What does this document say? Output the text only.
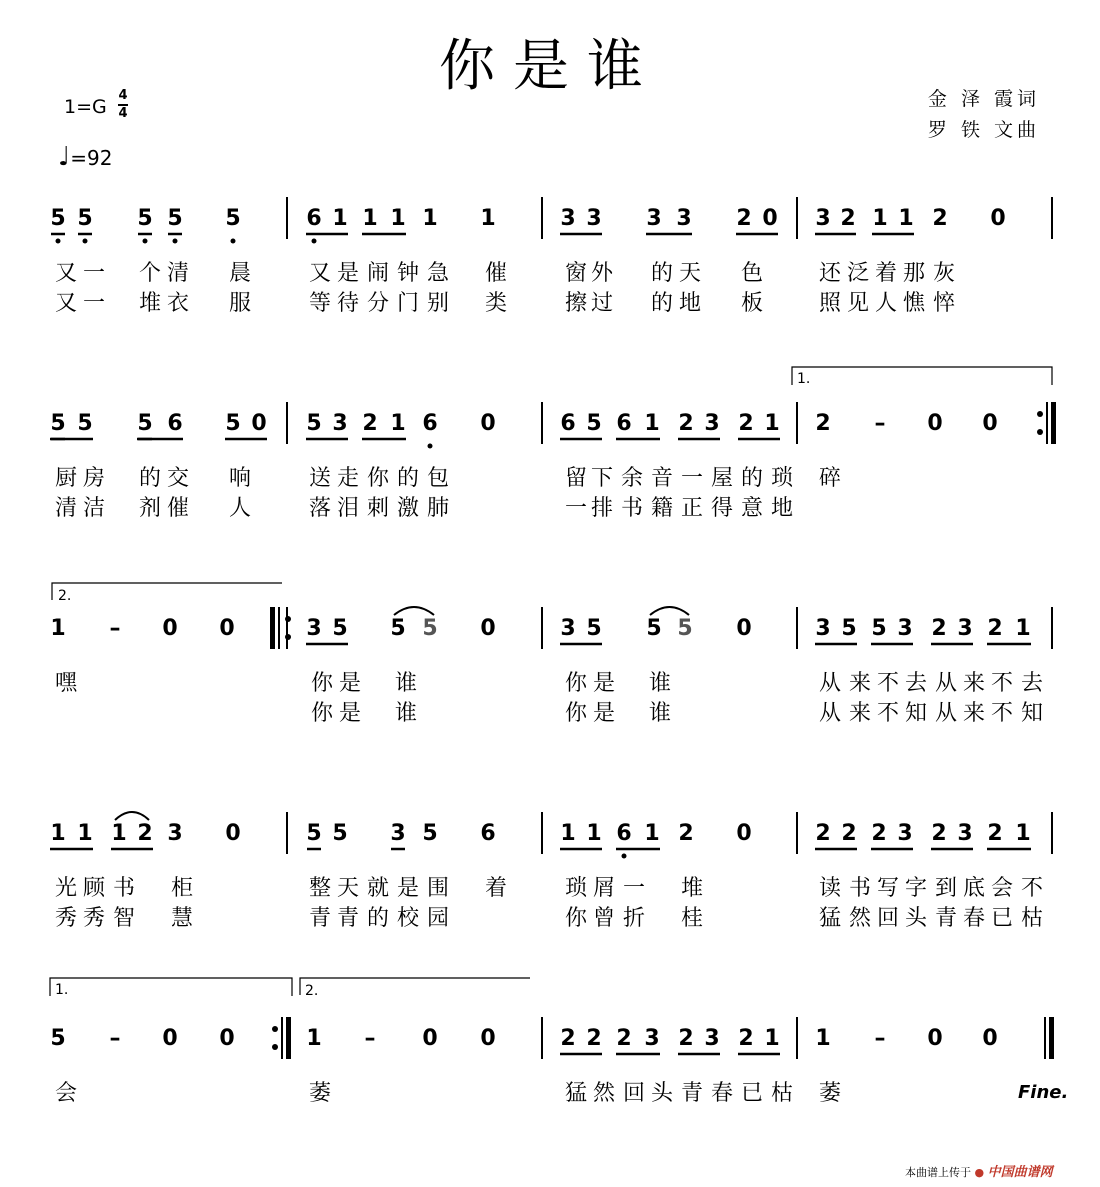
你是谁	金 泽 霞词
罗 铁 文曲
1=G
4
4
♩=92
5 5 5 5 5
又 一 个 清 晨
又 一 堆 衣 服
6 1 1 1 1 1
又 是 闹 钟 急 催
等 待 分 门 别 类
3 3 3 3 2 0
窗 外 的 天 色
擦 过 的 地 板
3 2 1 1 2 0
还 泛 着 那 灰
照 见 人 憔 悴
5 5 5 6 5 0
厨 房 的 交 响
清 洁 剂 催 人
5 3 2 1 6 0
送 走 你 的 包
落 泪 刺 激 肺
6 5 6 1 2 3 2 1
留 下 余 音 一 屋 的 琐
一 排 书 籍 正 得 意 地
2 – 0 0
碎
1 – 0 0
嘿
3 5 5 5 0
你 是 谁
你 是 谁
3 5 5 5 0
你 是 谁
你 是 谁
3 5 5 3 2 3 2 1
从 来 不 去 从 来 不 去
从 来 不 知 从 来 不 知
1 1 1 2 3 0
光 顾 书 柜
秀 秀 智 慧
5 5 3 5 6
整 天 就 是 围 着
青 青 的 校 园
1 1 6 1 2 0
琐 屑 一 堆
你 曾 折 桂
2 2 2 3 2 3 2 1
读 书 写 字 到 底 会 不
猛 然 回 头 青 春 已 枯
5 – 0 0
会
1 – 0 0
萎
2 2 2 3 2 3 2 1
猛 然 回 头 青 春 已 枯
1 – 0 0
萎
1.
2.
1.	2.
Fine.
本曲谱上传于 ● 中国曲谱网
